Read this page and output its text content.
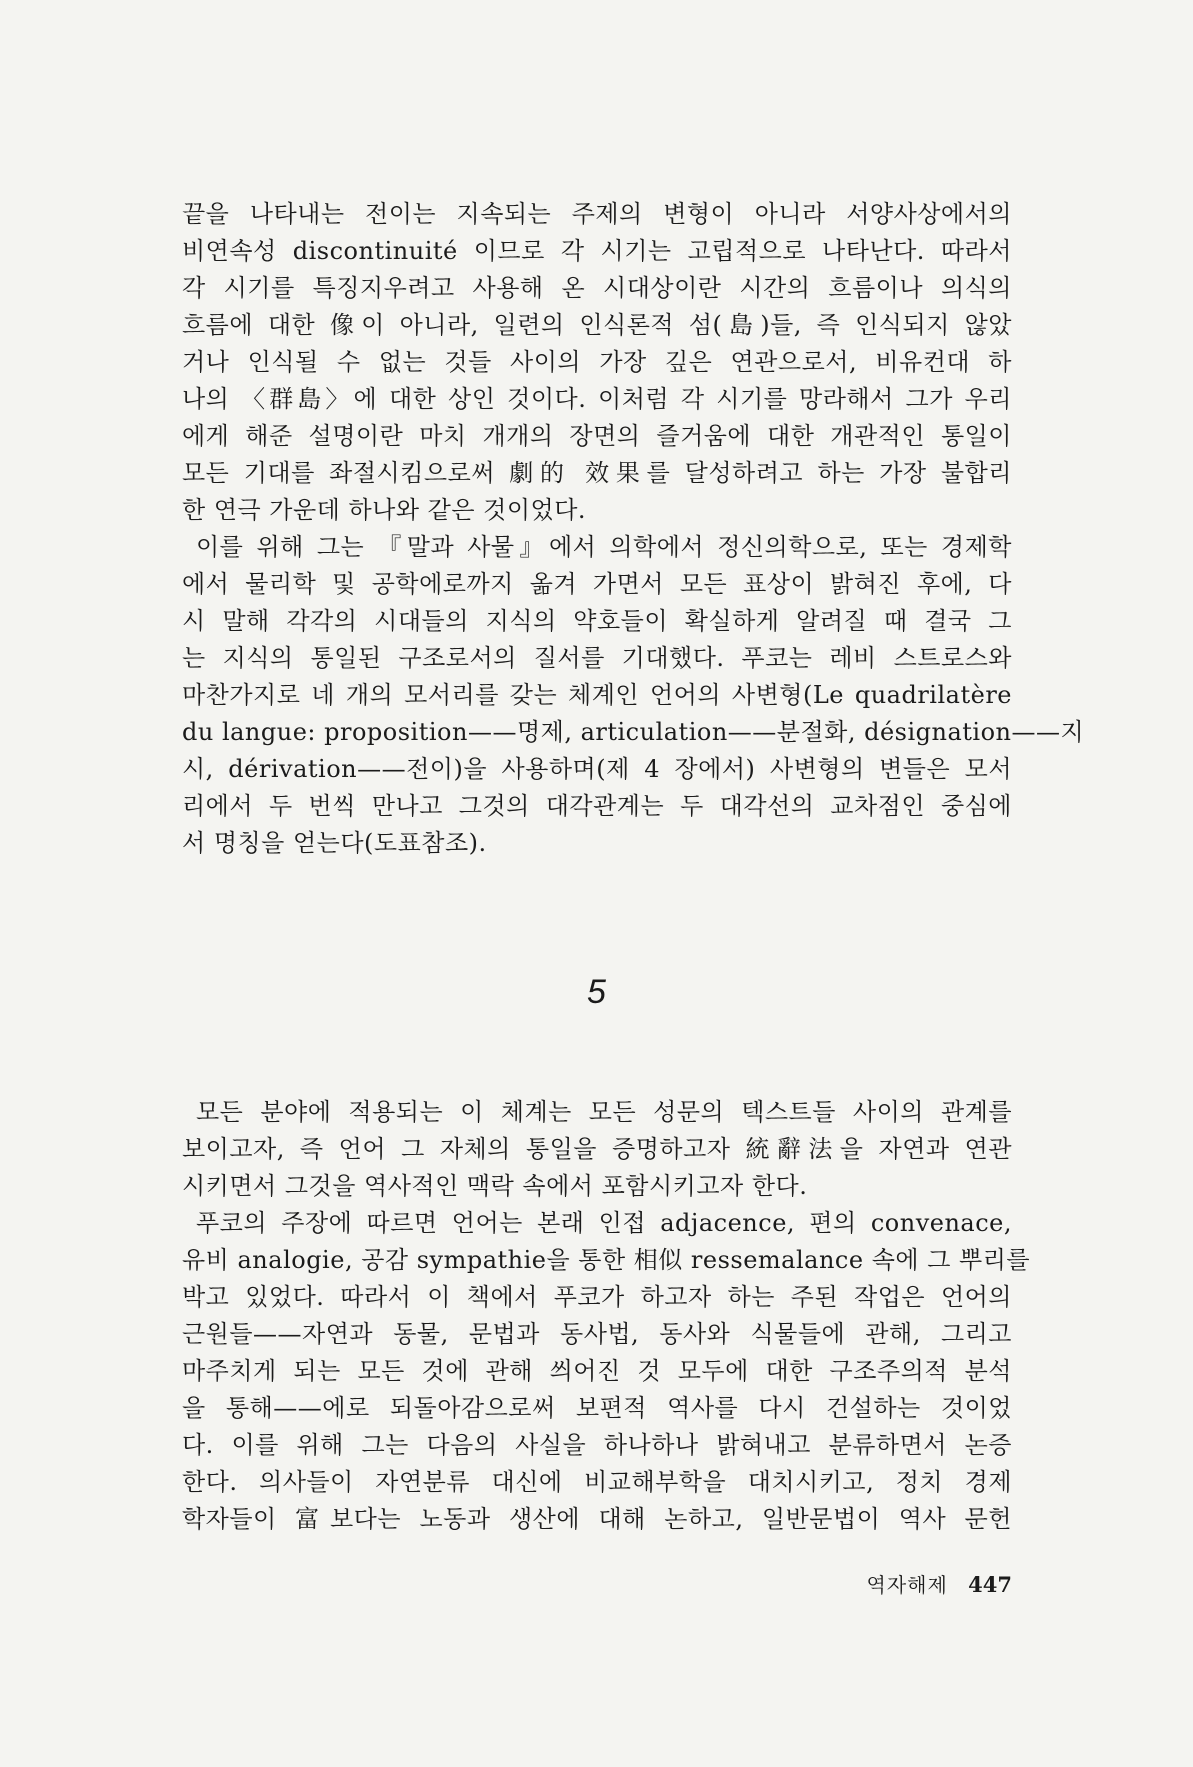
끝을 나타내는 전이는 지속되는 주제의 변형이 아니라 서양사상에서의
비연속성 discontinuité 이므로 각 시기는 고립적으로 나타난다. 따라서
각 시기를 특징지우려고 사용해 온 시대상이란 시간의 흐름이나 의식의
흐름에 대한 像이 아니라, 일련의 인식론적 섬(島)들, 즉 인식되지 않았
거나 인식될 수 없는 것들 사이의 가장 깊은 연관으로서, 비유컨대 하
나의 〈群島〉에 대한 상인 것이다. 이처럼 각 시기를 망라해서 그가 우리
에게 해준 설명이란 마치 개개의 장면의 즐거움에 대한 개관적인 통일이
모든 기대를 좌절시킴으로써 劇的 效果를 달성하려고 하는 가장 불합리
한 연극 가운데 하나와 같은 것이었다.
이를 위해 그는 『말과 사물』에서 의학에서 정신의학으로, 또는 경제학
에서 물리학 및 공학에로까지 옮겨 가면서 모든 표상이 밝혀진 후에, 다
시 말해 각각의 시대들의 지식의 약호들이 확실하게 알려질 때 결국 그
는 지식의 통일된 구조로서의 질서를 기대했다. 푸코는 레비 스트로스와
마찬가지로 네 개의 모서리를 갖는 체계인 언어의 사변형(Le quadrilatère
du langue: proposition——명제, articulation——분절화, désignation——지
시, dérivation——전이)을 사용하며(제 4 장에서) 사변형의 변들은 모서
리에서 두 번씩 만나고 그것의 대각관계는 두 대각선의 교차점인 중심에
서 명칭을 얻는다(도표참조).
5
모든 분야에 적용되는 이 체계는 모든 성문의 텍스트들 사이의 관계를
보이고자, 즉 언어 그 자체의 통일을 증명하고자 統辭法을 자연과 연관
시키면서 그것을 역사적인 맥락 속에서 포함시키고자 한다.
푸코의 주장에 따르면 언어는 본래 인접 adjacence, 편의 convenace,
유비 analogie, 공감 sympathie을 통한 相似 ressemalance 속에 그 뿌리를
박고 있었다. 따라서 이 책에서 푸코가 하고자 하는 주된 작업은 언어의
근원들——자연과 동물, 문법과 동사법, 동사와 식물들에 관해, 그리고
마주치게 되는 모든 것에 관해 씌어진 것 모두에 대한 구조주의적 분석
을 통해——에로 되돌아감으로써 보편적 역사를 다시 건설하는 것이었
다. 이를 위해 그는 다음의 사실을 하나하나 밝혀내고 분류하면서 논증
한다. 의사들이 자연분류 대신에 비교해부학을 대치시키고, 정치 경제
학자들이 富보다는 노동과 생산에 대해 논하고, 일반문법이 역사 문헌
역자해제 447
